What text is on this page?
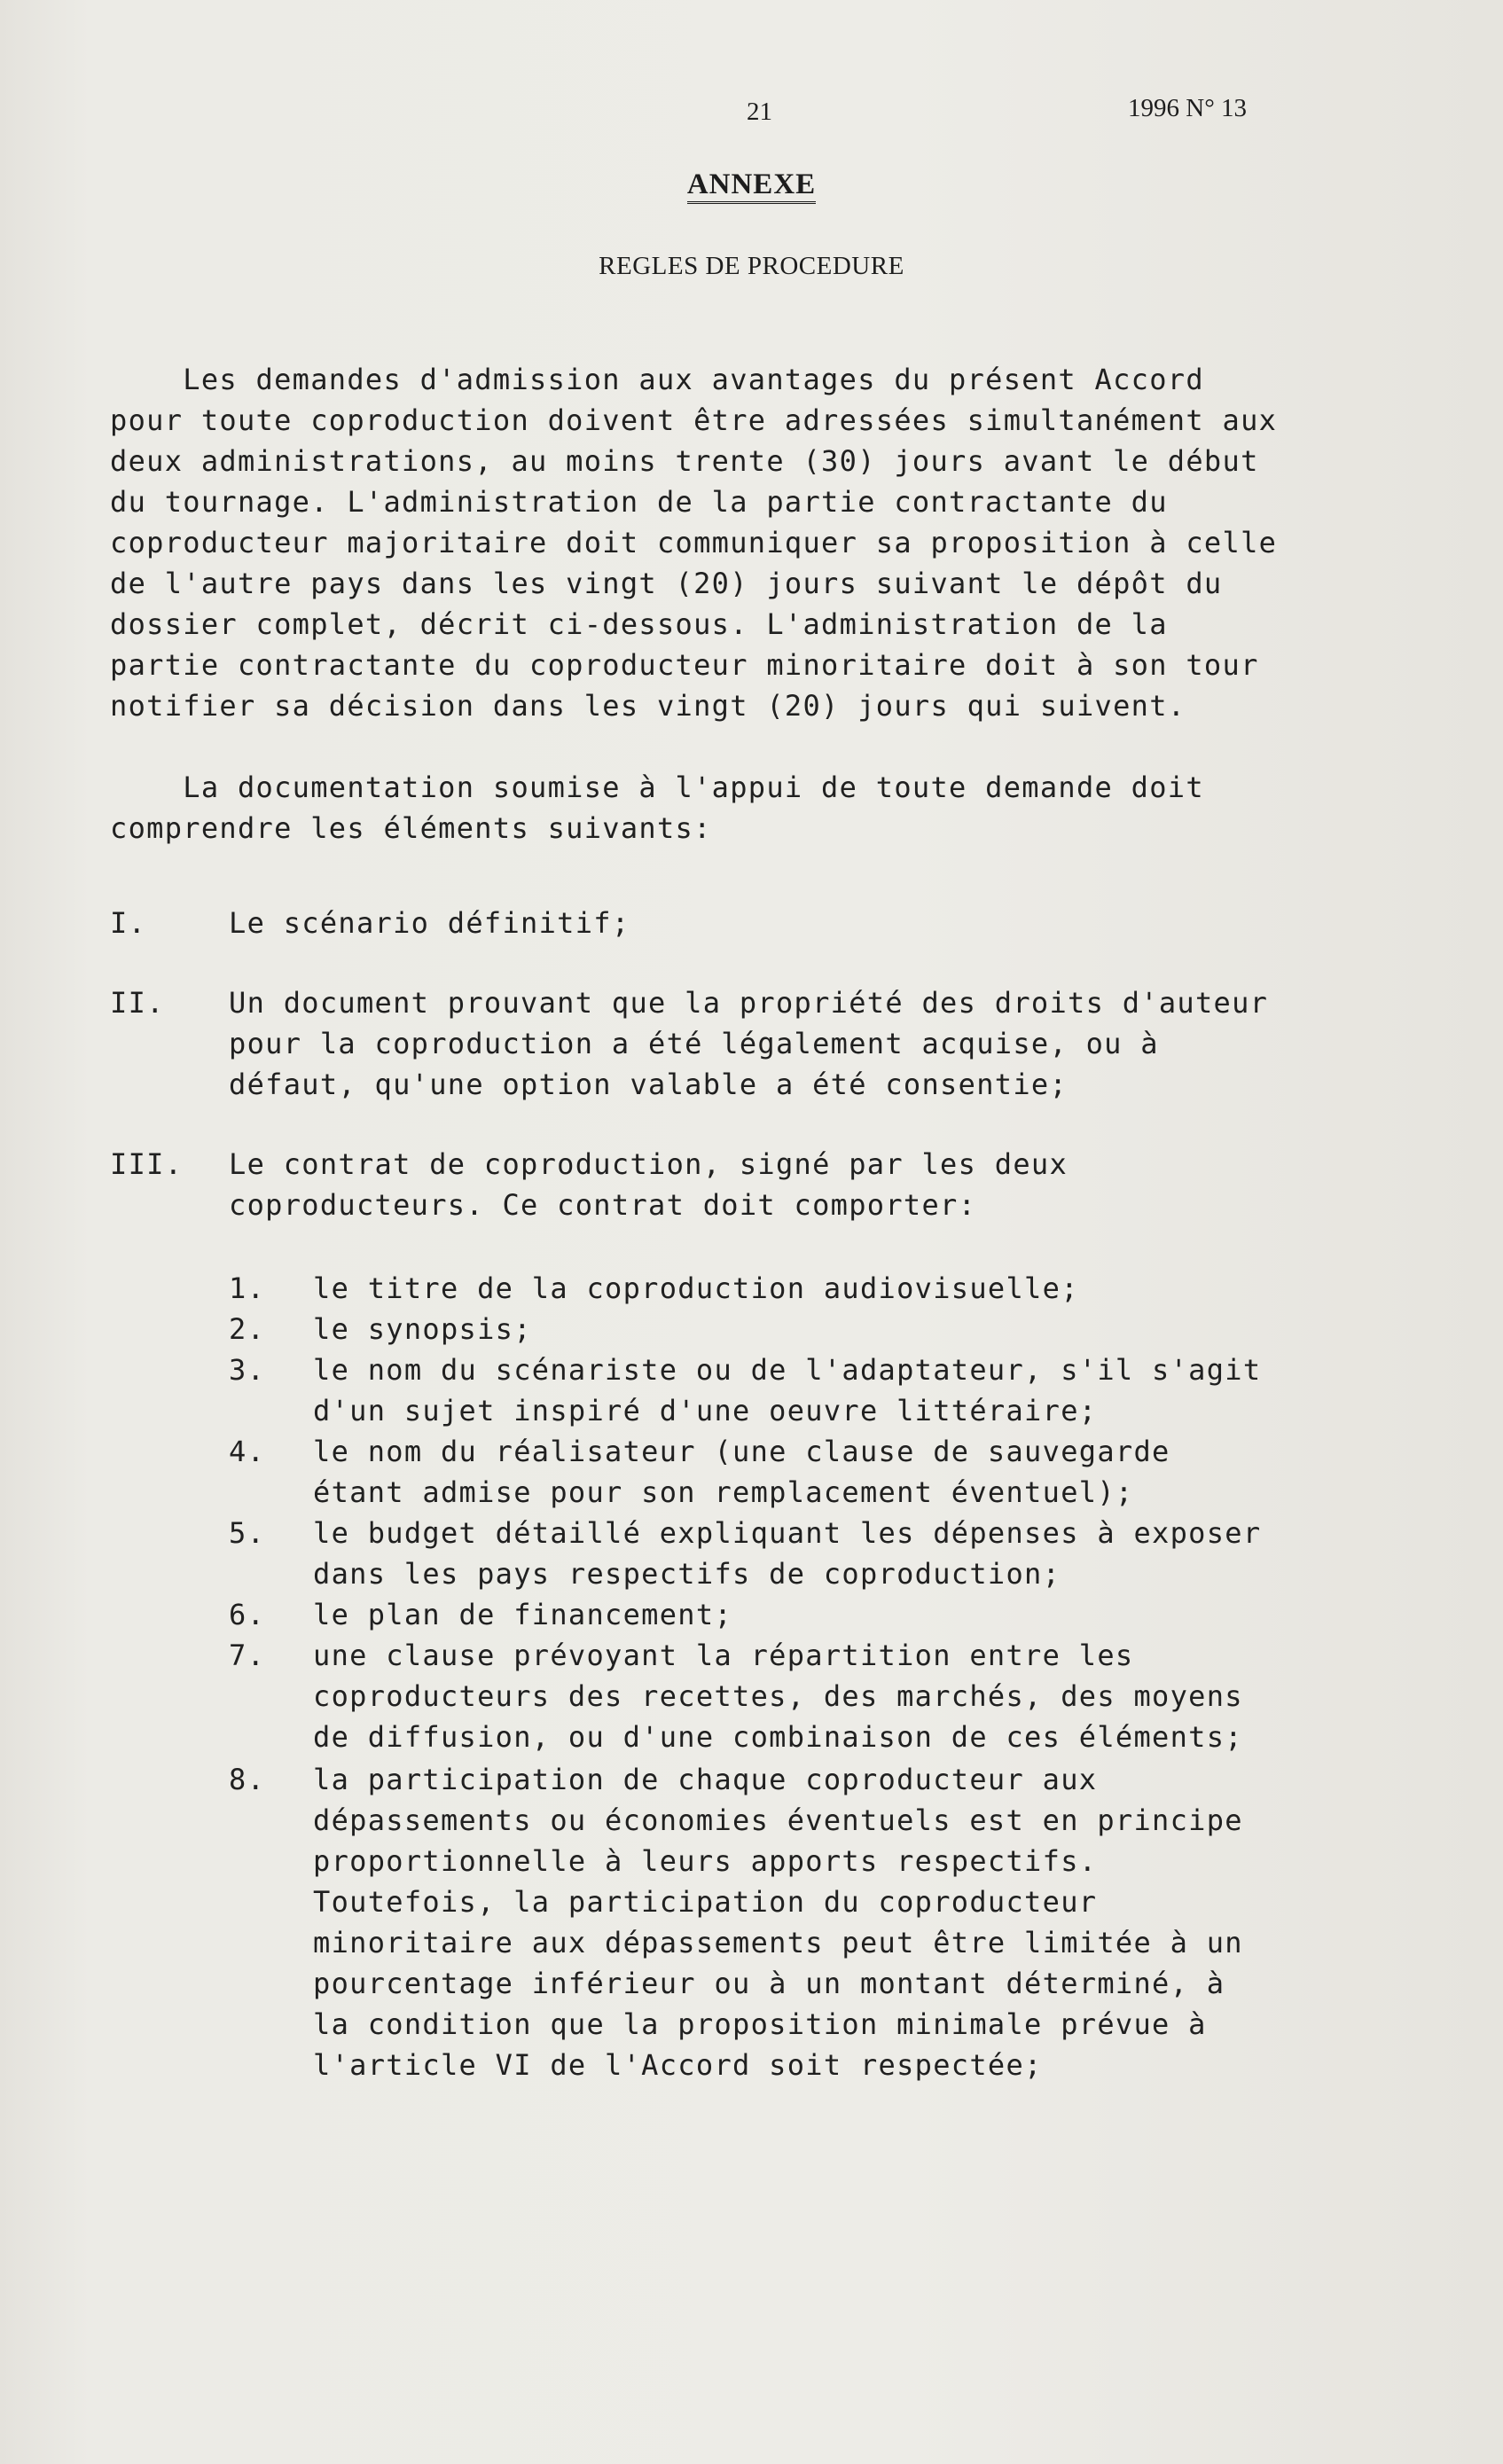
21	1996 N° 13
ANNEXE
REGLES DE PROCEDURE
Les demandes d'admission aux avantages du présent Accord
pour toute coproduction doivent être adressées simultanément aux
deux administrations, au moins trente (30) jours avant le début
du tournage. L'administration de la partie contractante du
coproducteur majoritaire doit communiquer sa proposition à celle
de l'autre pays dans les vingt (20) jours suivant le dépôt du
dossier complet, décrit ci-dessous. L'administration de la
partie contractante du coproducteur minoritaire doit à son tour
notifier sa décision dans les vingt (20) jours qui suivent.
La documentation soumise à l'appui de toute demande doit
comprendre les éléments suivants:
I.	Le scénario définitif;
II. Un document prouvant que la propriété des droits d'auteur
pour la coproduction a été légalement acquise, ou à
défaut, qu'une option valable a été consentie;
III. Le contrat de coproduction, signé par les deux
coproducteurs. Ce contrat doit comporter:
1. le titre de la coproduction audiovisuelle;
2. le synopsis;
3. le nom du scénariste ou de l'adaptateur, s'il s'agit
d'un sujet inspiré d'une oeuvre littéraire;
4. le nom du réalisateur (une clause de sauvegarde
étant admise pour son remplacement éventuel);
5. le budget détaillé expliquant les dépenses à exposer
dans les pays respectifs de coproduction;
6. le plan de financement;
7. une clause prévoyant la répartition entre les
coproducteurs des recettes, des marchés, des moyens
de diffusion, ou d'une combinaison de ces éléments;
8. la participation de chaque coproducteur aux
dépassements ou économies éventuels est en principe
proportionnelle à leurs apports respectifs.
Toutefois, la participation du coproducteur
minoritaire aux dépassements peut être limitée à un
pourcentage inférieur ou à un montant déterminé, à
la condition que la proposition minimale prévue à
l'article VI de l'Accord soit respectée;
